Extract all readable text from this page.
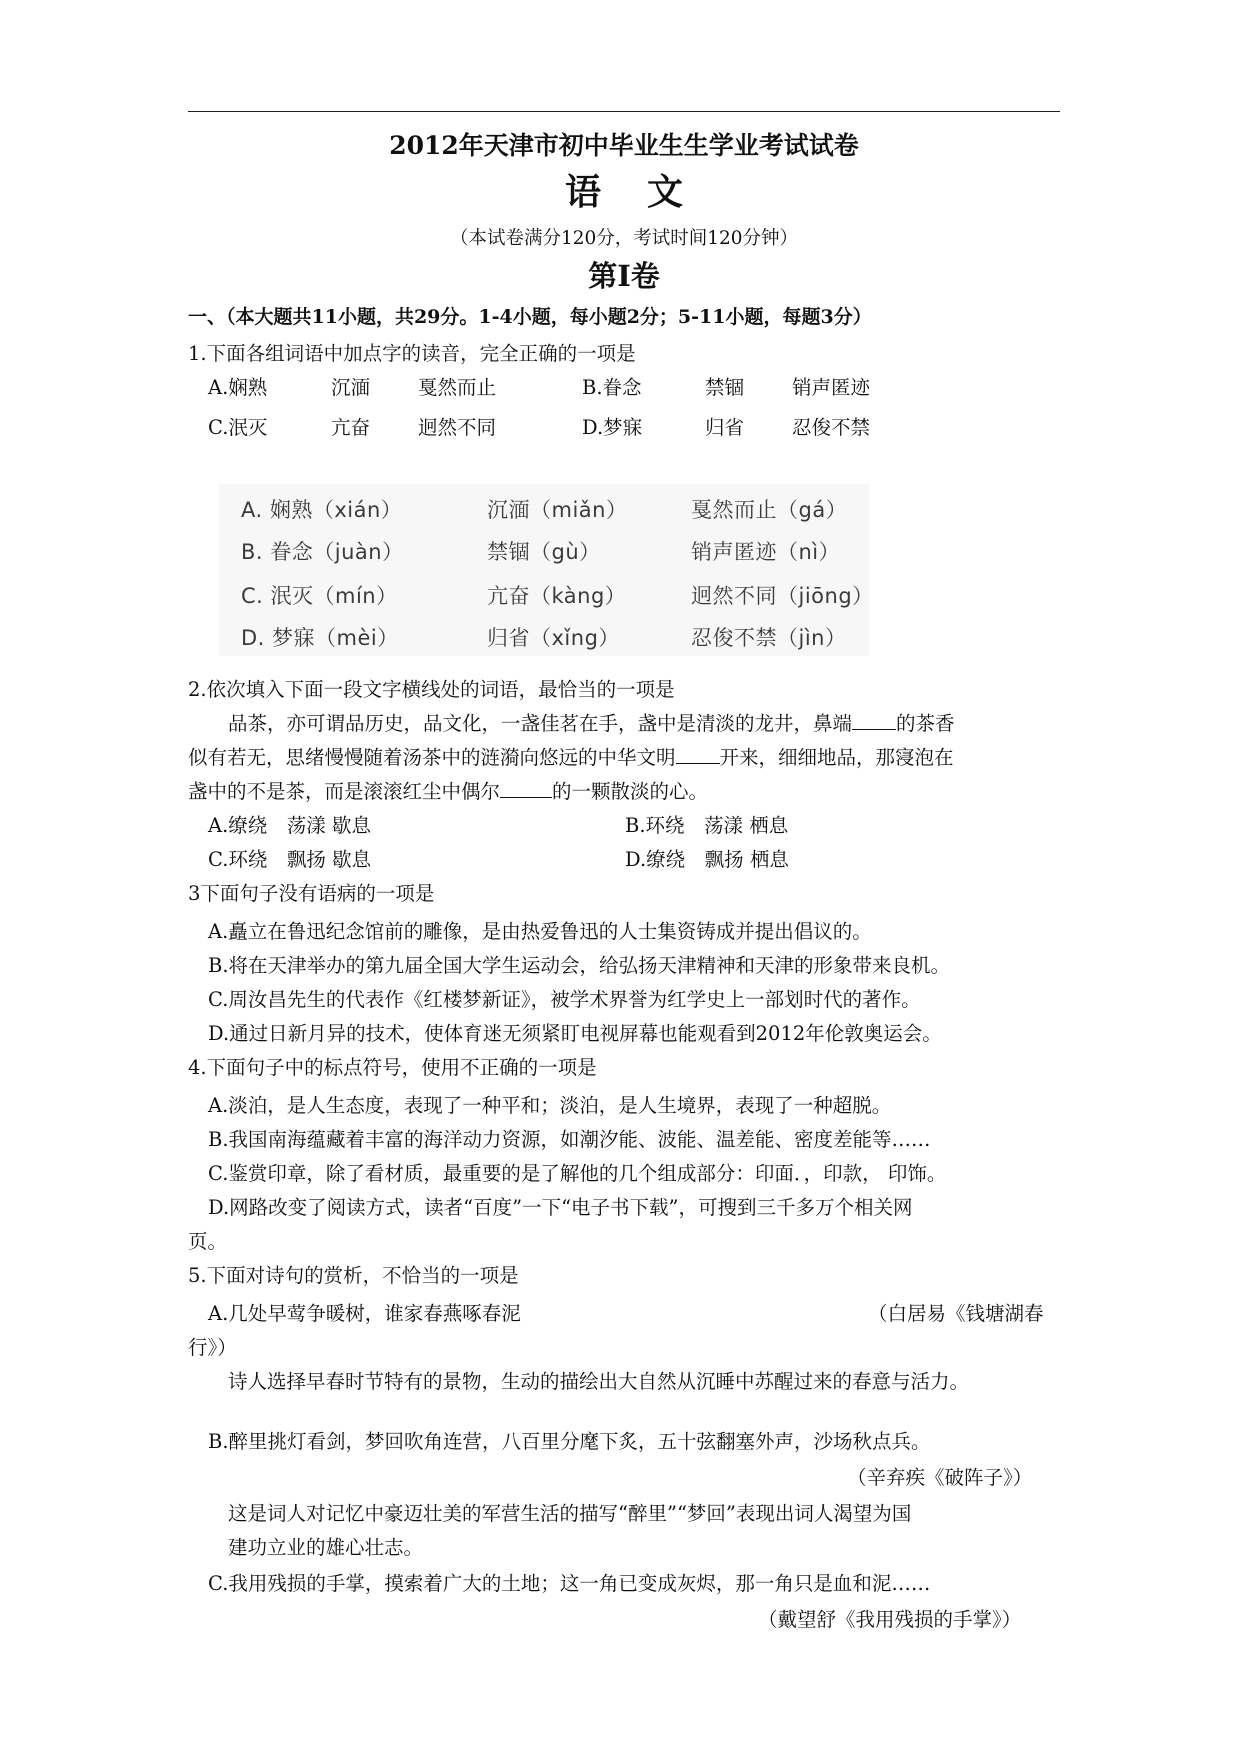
2012年天津市初中毕业生生学业考试试卷
语文
（本试卷满分120分，考试时间120分钟）
第Ⅰ卷
一、（本大题共11小题，共29分。1-4小题，每小题2分；5-11小题，每题3分）
1.下面各组词语中加点字的读音，完全正确的一项是
A.娴熟	沉湎 戛然而止	B.眷念	禁锢 销声匿迹
C.泯灭	亢奋 迥然不同	D.梦寐	归省 忍俊不禁
A. 娴熟（xián）	沉湎（miǎn）	戛然而止（gá）
B. 眷念（juàn）	禁锢（gù）	销声匿迹（nì）
C. 泯灭（mín）	亢奋（kàng）	迥然不同（jiōng）
D. 梦寐（mèi）	归省（xǐng）	忍俊不禁（jìn）
2.依次填入下面一段文字横线处的词语，最恰当的一项是
品茶，亦可谓品历史，品文化，一盏佳茗在手，盏中是清淡的龙井，鼻端 的茶香
似有若无，思绪慢慢随着汤茶中的涟漪向悠远的中华文明 开来，细细地品，那寖泡在
盏中的不是茶，而是滚滚红尘中偶尔	的一颗散淡的心。
A.缭绕　荡漾 歇息	B.环绕　荡漾 栖息
C.环绕　飘扬 歇息	D.缭绕　飘扬 栖息
3下面句子没有语病的一项是
A.矗立在鲁迅纪念馆前的雕像，是由热爱鲁迅的人士集资铸成并提出倡议的。
B.将在天津举办的第九届全国大学生运动会，给弘扬天津精神和天津的形象带来良机。
C.周汝昌先生的代表作《红楼梦新证》，被学术界誉为红学史上一部划时代的著作。
D.通过日新月异的技术，使体育迷无须紧盯电视屏幕也能观看到2012年伦敦奥运会。
4.下面句子中的标点符号，使用不正确的一项是
A.淡泊，是人生态度，表现了一种平和；淡泊，是人生境界，表现了一种超脱。
B.我国南海蕴藏着丰富的海洋动力资源，如潮汐能、波能、温差能、密度差能等……
C.鉴赏印章，除了看材质，最重要的是了解他的几个组成部分：印面．，印款， 印饰。
D.网路改变了阅读方式，读者“百度”一下“电子书下载”，可搜到三千多万个相关网
页。
5.下面对诗句的赏析，不恰当的一项是
A.几处早莺争暖树，谁家春燕啄春泥	（白居易《钱塘湖春
行》）
诗人选择早春时节特有的景物，生动的描绘出大自然从沉睡中苏醒过来的春意与活力。
B.醉里挑灯看剑，梦回吹角连营，八百里分麾下炙，五十弦翻塞外声，沙场秋点兵。
（辛弃疾《破阵子》）
这是词人对记忆中豪迈壮美的军营生活的描写“醉里”“梦回”表现出词人渴望为国
建功立业的雄心壮志。
C.我用残损的手掌，摸索着广大的土地；这一角已变成灰烬，那一角只是血和泥……
（戴望舒《我用残损的手掌》）
